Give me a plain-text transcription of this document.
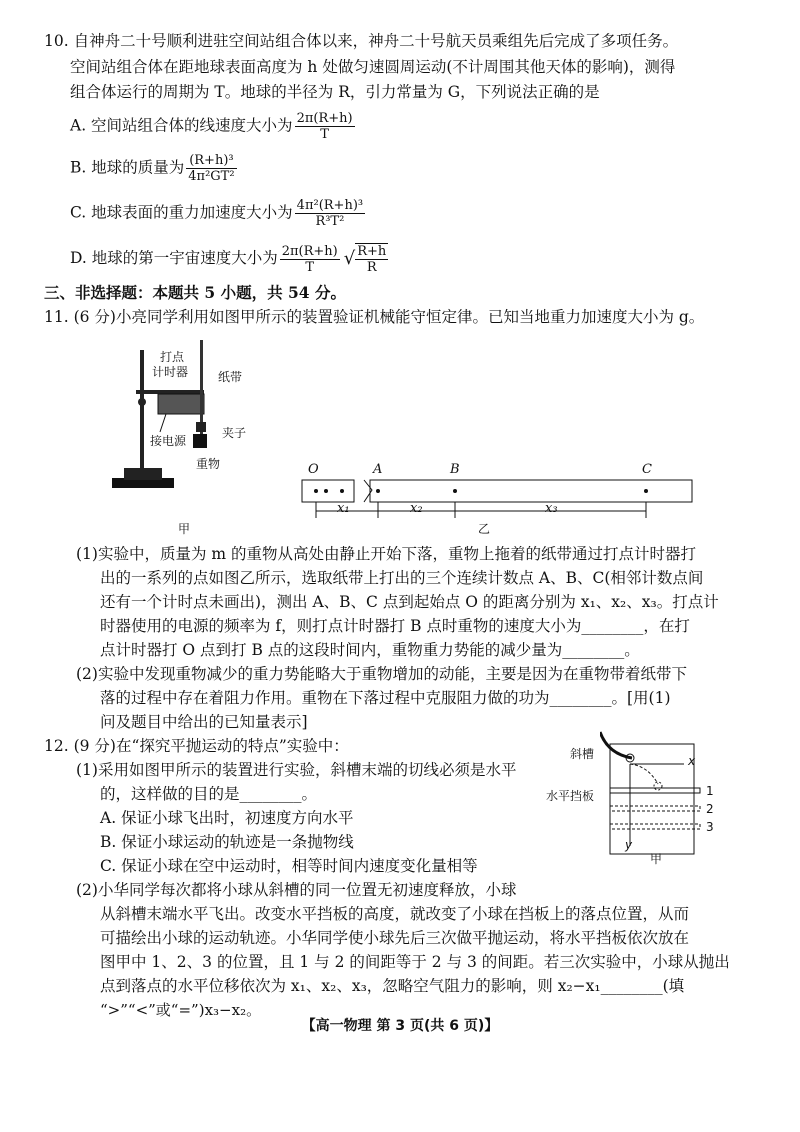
10. 自神舟二十号顺利进驻空间站组合体以来，神舟二十号航天员乘组先后完成了多项任务。
空间站组合体在距地球表面高度为 h 处做匀速圆周运动(不计周围其他天体的影响)，测得
组合体运行的周期为 T。地球的半径为 R，引力常量为 G，下列说法正确的是
A. 空间站组合体的线速度大小为 $\frac{2\pi(R+h)}{T}$
B. 地球的质量为 $\frac{\text{(R+h)³}}{\text{4π²GT²}}$
C. 地球表面的重力加速度大小为 $\frac{\text{4π²(R+h)³}}{\text{R³T²}}$
D. 地球的第一宇宙速度大小为 $\frac{2\pi(R+h)}{T}$ √ $\frac{R+h}{R}$
三、非选择题：本题共 5 小题，共 54 分。
11. (6 分)小亮同学利用如图甲所示的装置验证机械能守恒定律。已知当地重力加速度大小为 g。
打点
计时器 纸带
夹子
接电源
重物
甲
O	A	B	C
x₁	x₂	x₃
乙
(1)实验中，质量为 m 的重物从高处由静止开始下落，重物上拖着的纸带通过打点计时器打
出的一系列的点如图乙所示，选取纸带上打出的三个连续计数点 A、B、C(相邻计数点间
还有一个计时点未画出)，测出 A、B、C 点到起始点 O 的距离分别为 x₁、x₂、x₃。打点计
时器使用的电源的频率为 f，则打点计时器打 B 点时重物的速度大小为________，在打
点计时器打 O 点到打 B 点的这段时间内，重物重力势能的减少量为________。
(2)实验中发现重物减少的重力势能略大于重物增加的动能，主要是因为在重物带着纸带下
落的过程中存在着阻力作用。重物在下落过程中克服阻力做的功为________。[用(1)
问及题目中给出的已知量表示]
12. (9 分)在“探究平抛运动的特点”实验中：
(1)采用如图甲所示的装置进行实验，斜槽末端的切线必须是水平
的，这样做的目的是________。
A. 保证小球飞出时，初速度方向水平
B. 保证小球运动的轨迹是一条抛物线
C. 保证小球在空中运动时，相等时间内速度变化量相等
(2)小华同学每次都将小球从斜槽的同一位置无初速度释放，小球
从斜槽末端水平飞出。改变水平挡板的高度，就改变了小球在挡板上的落点位置，从而
可描绘出小球的运动轨迹。小华同学使小球先后三次做平抛运动，将水平挡板依次放在
图甲中 1、2、3 的位置，且 1 与 2 的间距等于 2 与 3 的间距。若三次实验中，小球从抛出
点到落点的水平位移依次为 x₁、x₂、x₃，忽略空气阻力的影响，则 x₂−x₁________(填
“>”“<”或“=”)x₃−x₂。
斜槽
水平挡板
x
y
1
2
3
甲
【高一物理 第 3 页(共 6 页)】
